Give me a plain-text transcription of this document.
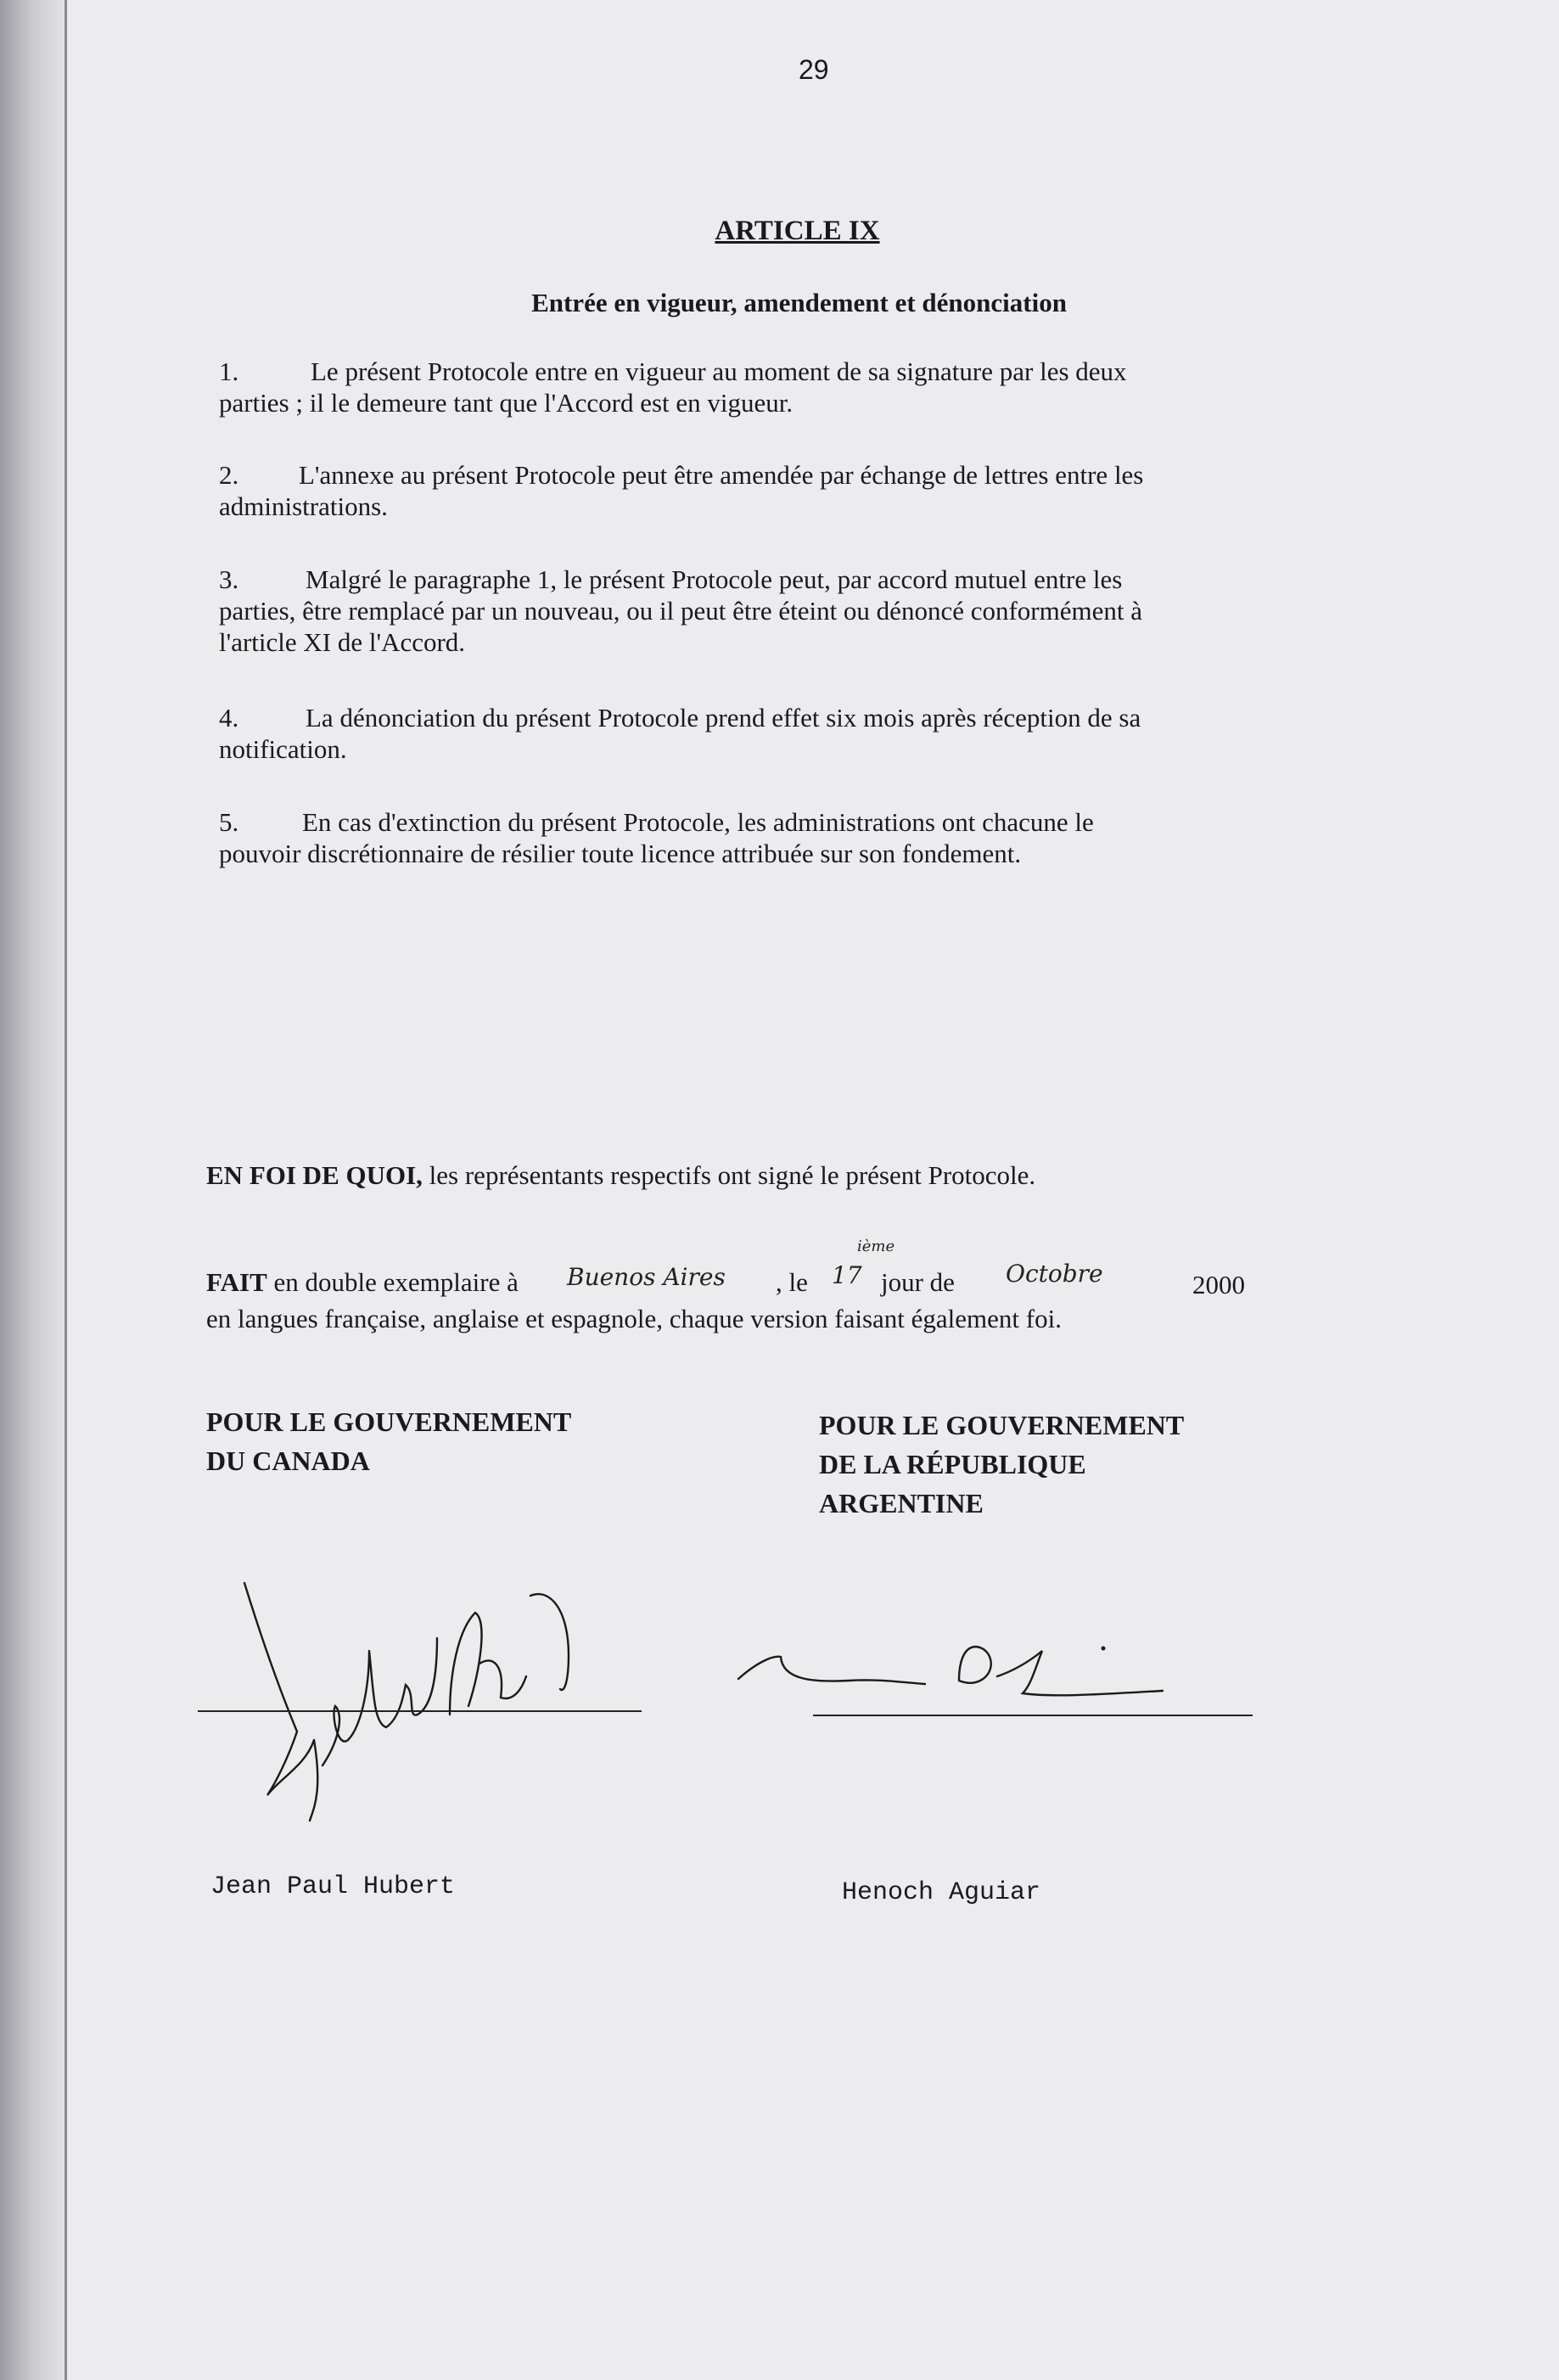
29
ARTICLE IX
Entrée en vigueur, amendement et dénonciation
1.	Le présent Protocole entre en vigueur au moment de sa signature par les deux
parties ; il le demeure tant que l'Accord est en vigueur.
2. L'annexe au présent Protocole peut être amendée par échange de lettres entre les
administrations.
3.	Malgré le paragraphe 1, le présent Protocole peut, par accord mutuel entre les
parties, être remplacé par un nouveau, ou il peut être éteint ou dénoncé conformément à
l'article XI de l'Accord.
4.	La dénonciation du présent Protocole prend effet six mois après réception de sa
notification.
5. En cas d'extinction du présent Protocole, les administrations ont chacune le
pouvoir discrétionnaire de résilier toute licence attribuée sur son fondement.
EN FOI DE QUOI, les représentants respectifs ont signé le présent Protocole.
FAIT en double exemplaire à Buenos Aires , le 17
ième
jour de Octobre	2000
en langues française, anglaise et espagnole, chaque version faisant également foi.
POUR LE GOUVERNEMENT
DU CANADA
POUR LE GOUVERNEMENT
DE LA RÉPUBLIQUE
ARGENTINE
Jean Paul Hubert	Henoch Aguiar
